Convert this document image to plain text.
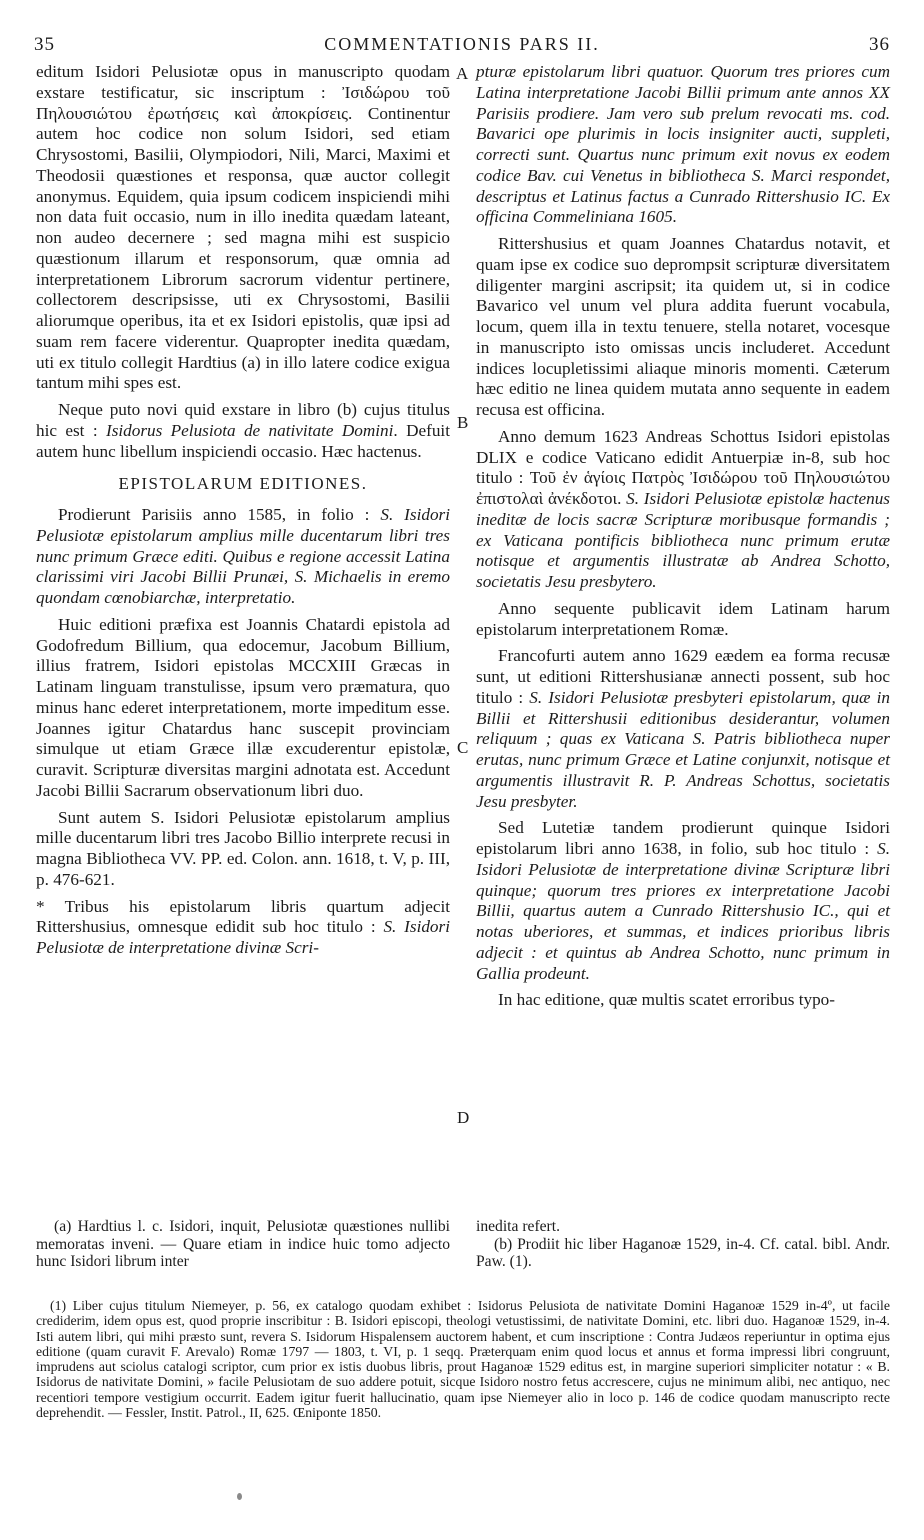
35	COMMENTATIONIS PARS II.	36

editum Isidori Pelusiotæ opus in manuscripto quodam exstare testificatur, sic inscriptum : Ἰσιδώρου τοῦ Πηλουσιώτου ἐρωτήσεις καὶ ἀποκρίσεις. Continentur autem hoc codice non solum Isidori, sed etiam Chrysostomi, Basilii, Olympiodori, Nili, Marci, Maximi et Theodosii quæstiones et responsa, quæ auctor collegit anonymus. Equidem, quia ipsum codicem inspiciendi mihi non data fuit occasio, num in illo inedita quædam lateant, non audeo decernere ; sed magna mihi est suspicio quæstionum illarum et responsorum, quæ omnia ad interpretationem Librorum sacrorum videntur pertinere, collectorem descripsisse, uti ex Chrysostomi, Basilii aliorumque operibus, ita et ex Isidori epistolis, quæ ipsi ad suam rem facere viderentur. Quapropter inedita quædam, uti ex titulo collegit Hardtius (a) in illo latere codice exigua tantum mihi spes est.

Neque puto novi quid exstare in libro (b) cujus titulus hic est : Isidorus Pelusiota de nativitate Domini. Defuit autem hunc libellum inspiciendi occasio. Hæc hactenus.

EPISTOLARUM EDITIONES.

Prodierunt Parisiis anno 1585, in folio : S. Isidori Pelusiotæ epistolarum amplius mille ducentarum libri tres nunc primum Græce editi. Quibus e regione accessit Latina clarissimi viri Jacobi Billii Prunæi, S. Michaelis in eremo quondam cœnobiarchæ, interpretatio.

Huic editioni præfixa est Joannis Chatardi epistola ad Godofredum Billium, qua edocemur, Jacobum Billium, illius fratrem, Isidori epistolas MCCXIII Græcas in Latinam linguam transtulisse, ipsum vero præmatura, quo minus hanc ederet interpretationem, morte impeditum esse. Joannes igitur Chatardus hanc suscepit provinciam simulque ut etiam Græce illæ excuderentur epistolæ, curavit. Scripturæ diversitas margini adnotata est. Accedunt Jacobi Billii Sacrarum observationum libri duo.

Sunt autem S. Isidori Pelusiotæ epistolarum amplius mille ducentarum libri tres Jacobo Billio interprete recusi in magna Bibliotheca VV. PP. ed. Colon. ann. 1618, t. V, p. III, p. 476-621.

* Tribus his epistolarum libris quartum adjecit Rittershusius, omnesque edidit sub hoc titulo : S. Isidori Pelusiotæ de interpretatione divinæ Scri-

A
B
C
D

pturæ epistolarum libri quatuor. Quorum tres priores cum Latina interpretatione Jacobi Billii primum ante annos XX Parisiis prodiere. Jam vero sub prelum revocati ms. cod. Bavarici ope plurimis in locis insigniter aucti, suppleti, correcti sunt. Quartus nunc primum exit novus ex eodem codice Bav. cui Venetus in bibliotheca S. Marci respondet, descriptus et Latinus factus a Cunrado Rittershusio IC. Ex officina Commeliniana 1605.

Rittershusius et quam Joannes Chatardus notavit, et quam ipse ex codice suo deprompsit scripturæ diversitatem diligenter margini ascripsit; ita quidem ut, si in codice Bavarico vel unum vel plura addita fuerunt vocabula, locum, quem illa in textu tenuere, stella notaret, vocesque in manuscripto isto omissas uncis includeret. Accedunt indices locupletissimi aliaque minoris momenti. Cæterum hæc editio ne linea quidem mutata anno sequente in eadem recusa est officina.

Anno demum 1623 Andreas Schottus Isidori epistolas DLIX e codice Vaticano edidit Antuerpiæ in-8, sub hoc titulo : Τοῦ ἐν ἁγίοις Πατρὸς Ἰσιδώρου τοῦ Πηλουσιώτου ἐπιστολαὶ ἀνέκδοτοι. S. Isidori Pelusiotæ epistolæ hactenus ineditæ de locis sacræ Scripturæ moribusque formandis ; ex Vaticana pontificis bibliotheca nunc primum erutæ notisque et argumentis illustratæ ab Andrea Schotto, societatis Jesu presbytero.

Anno sequente publicavit idem Latinam harum epistolarum interpretationem Romæ.

Francofurti autem anno 1629 eædem ea forma recusæ sunt, ut editioni Rittershusianæ annecti possent, sub hoc titulo : S. Isidori Pelusiotæ presbyteri epistolarum, quæ in Billii et Rittershusii editionibus desiderantur, volumen reliquum ; quas ex Vaticana S. Patris bibliotheca nuper erutas, nunc primum Græce et Latine conjunxit, notisque et argumentis illustravit R. P. Andreas Schottus, societatis Jesu presbyter.

Sed Lutetiæ tandem prodierunt quinque Isidori epistolarum libri anno 1638, in folio, sub hoc titulo : S. Isidori Pelusiotæ de interpretatione divinæ Scripturæ libri quinque; quorum tres priores ex interpretatione Jacobi Billii, quartus autem a Cunrado Rittershusio IC., qui et notas uberiores, et summas, et indices prioribus libris adjecit : et quintus ab Andrea Schotto, nunc primum in Gallia prodeunt.

In hac editione, quæ multis scatet erroribus typo-

(a) Hardtius l. c. Isidori, inquit, Pelusiotæ quæstiones nullibi memoratas inveni. — Quare etiam in indice huic tomo adjecto hunc Isidori librum inter

inedita refert.

(b) Prodiit hic liber Haganoæ 1529, in-4. Cf. catal. bibl. Andr. Paw. (1).

(1) Liber cujus titulum Niemeyer, p. 56, ex catalogo quodam exhibet : Isidorus Pelusiota de nativitate Domini Haganoæ 1529 in-4º, ut facile crediderim, idem opus est, quod proprie inscribitur : B. Isidori episcopi, theologi vetustissimi, de nativitate Domini, etc. libri duo. Haganoæ 1529, in-4. Isti autem libri, qui mihi præsto sunt, revera S. Isidorum Hispalensem auctorem habent, et cum inscriptione : Contra Judæos reperiuntur in optima ejus editione (quam curavit F. Arevalo) Romæ 1797 — 1803, t. VI, p. 1 seqq. Præterquam enim quod locus et annus et forma impressi libri congruunt, imprudens aut sciolus catalogi scriptor, cum prior ex istis duobus libris, prout Haganoæ 1529 editus est, in margine superiori simpliciter notatur : « B. Isidorus de nativitate Domini, » facile Pelusiotam de suo addere potuit, sicque Isidoro nostro fetus accrescere, cujus ne minimum alibi, nec antiquo, nec recentiori tempore vestigium occurrit. Eadem igitur fuerit hallucinatio, quam ipse Niemeyer alio in loco p. 146 de codice quodam manuscripto recte deprehendit. — Fessler, Instit. Patrol., II, 625. Œniponte 1850.
